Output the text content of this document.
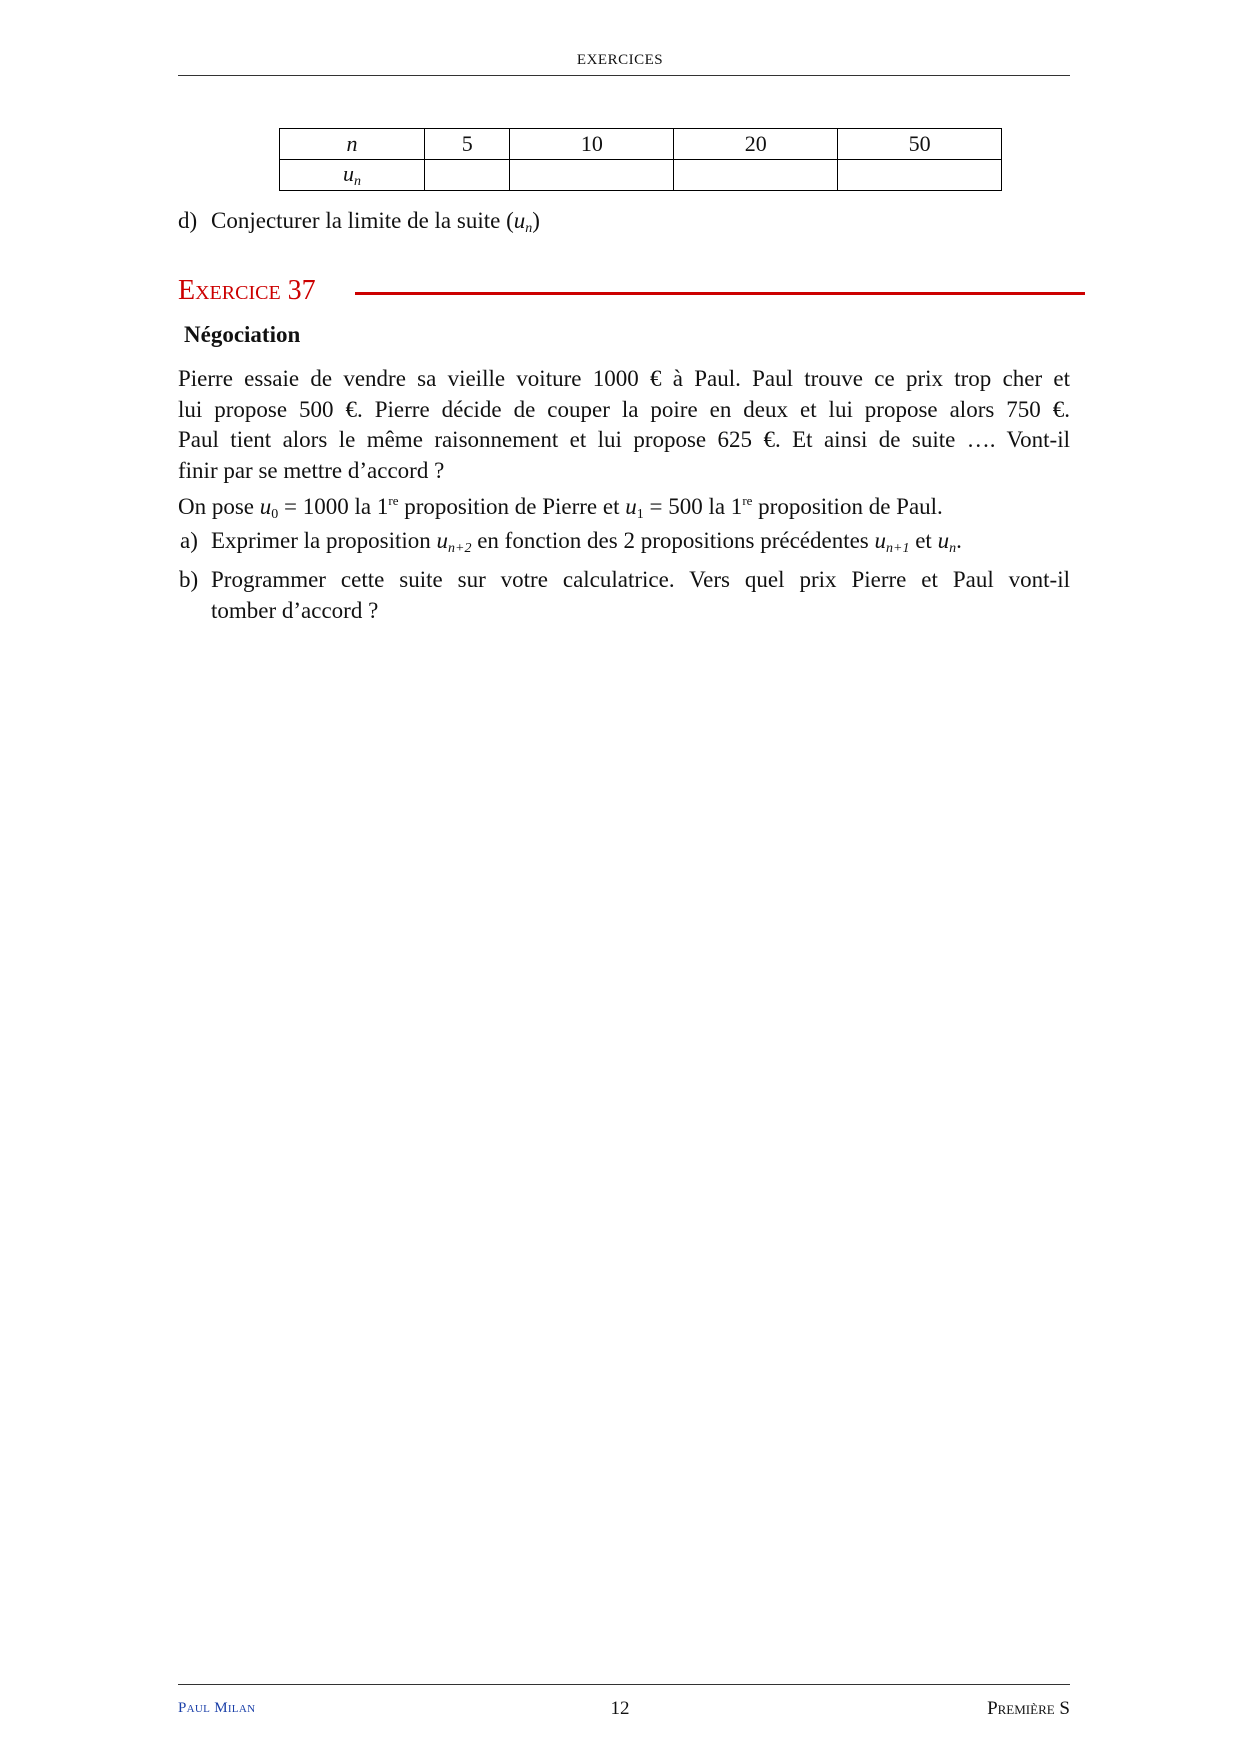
EXERCICES
n	5	10	20	50
$u_n$				
d) Conjecturer la limite de la suite $(u_n)$
Exercice 37
Négociation
Pierre essaie de vendre sa vieille voiture 1000 € à Paul. Paul trouve ce prix trop cher et
lui propose 500 €. Pierre décide de couper la poire en deux et lui propose alors 750 €.
Paul tient alors le même raisonnement et lui propose 625 €. Et ainsi de suite …. Vont-il
finir par se mettre d’accord ?
On pose $u_0 = 1000$ la 1re proposition de Pierre et $u_1 = 500$ la 1re proposition de Paul.
a) Exprimer la proposition $u_{n+2}$ en fonction des 2 propositions précédentes $u_{n+1}$ et $u_n$.
b) Programmer cette suite sur votre calculatrice. Vers quel prix Pierre et Paul vont-il
tomber d’accord ?
Paul Milan	12	Première S
